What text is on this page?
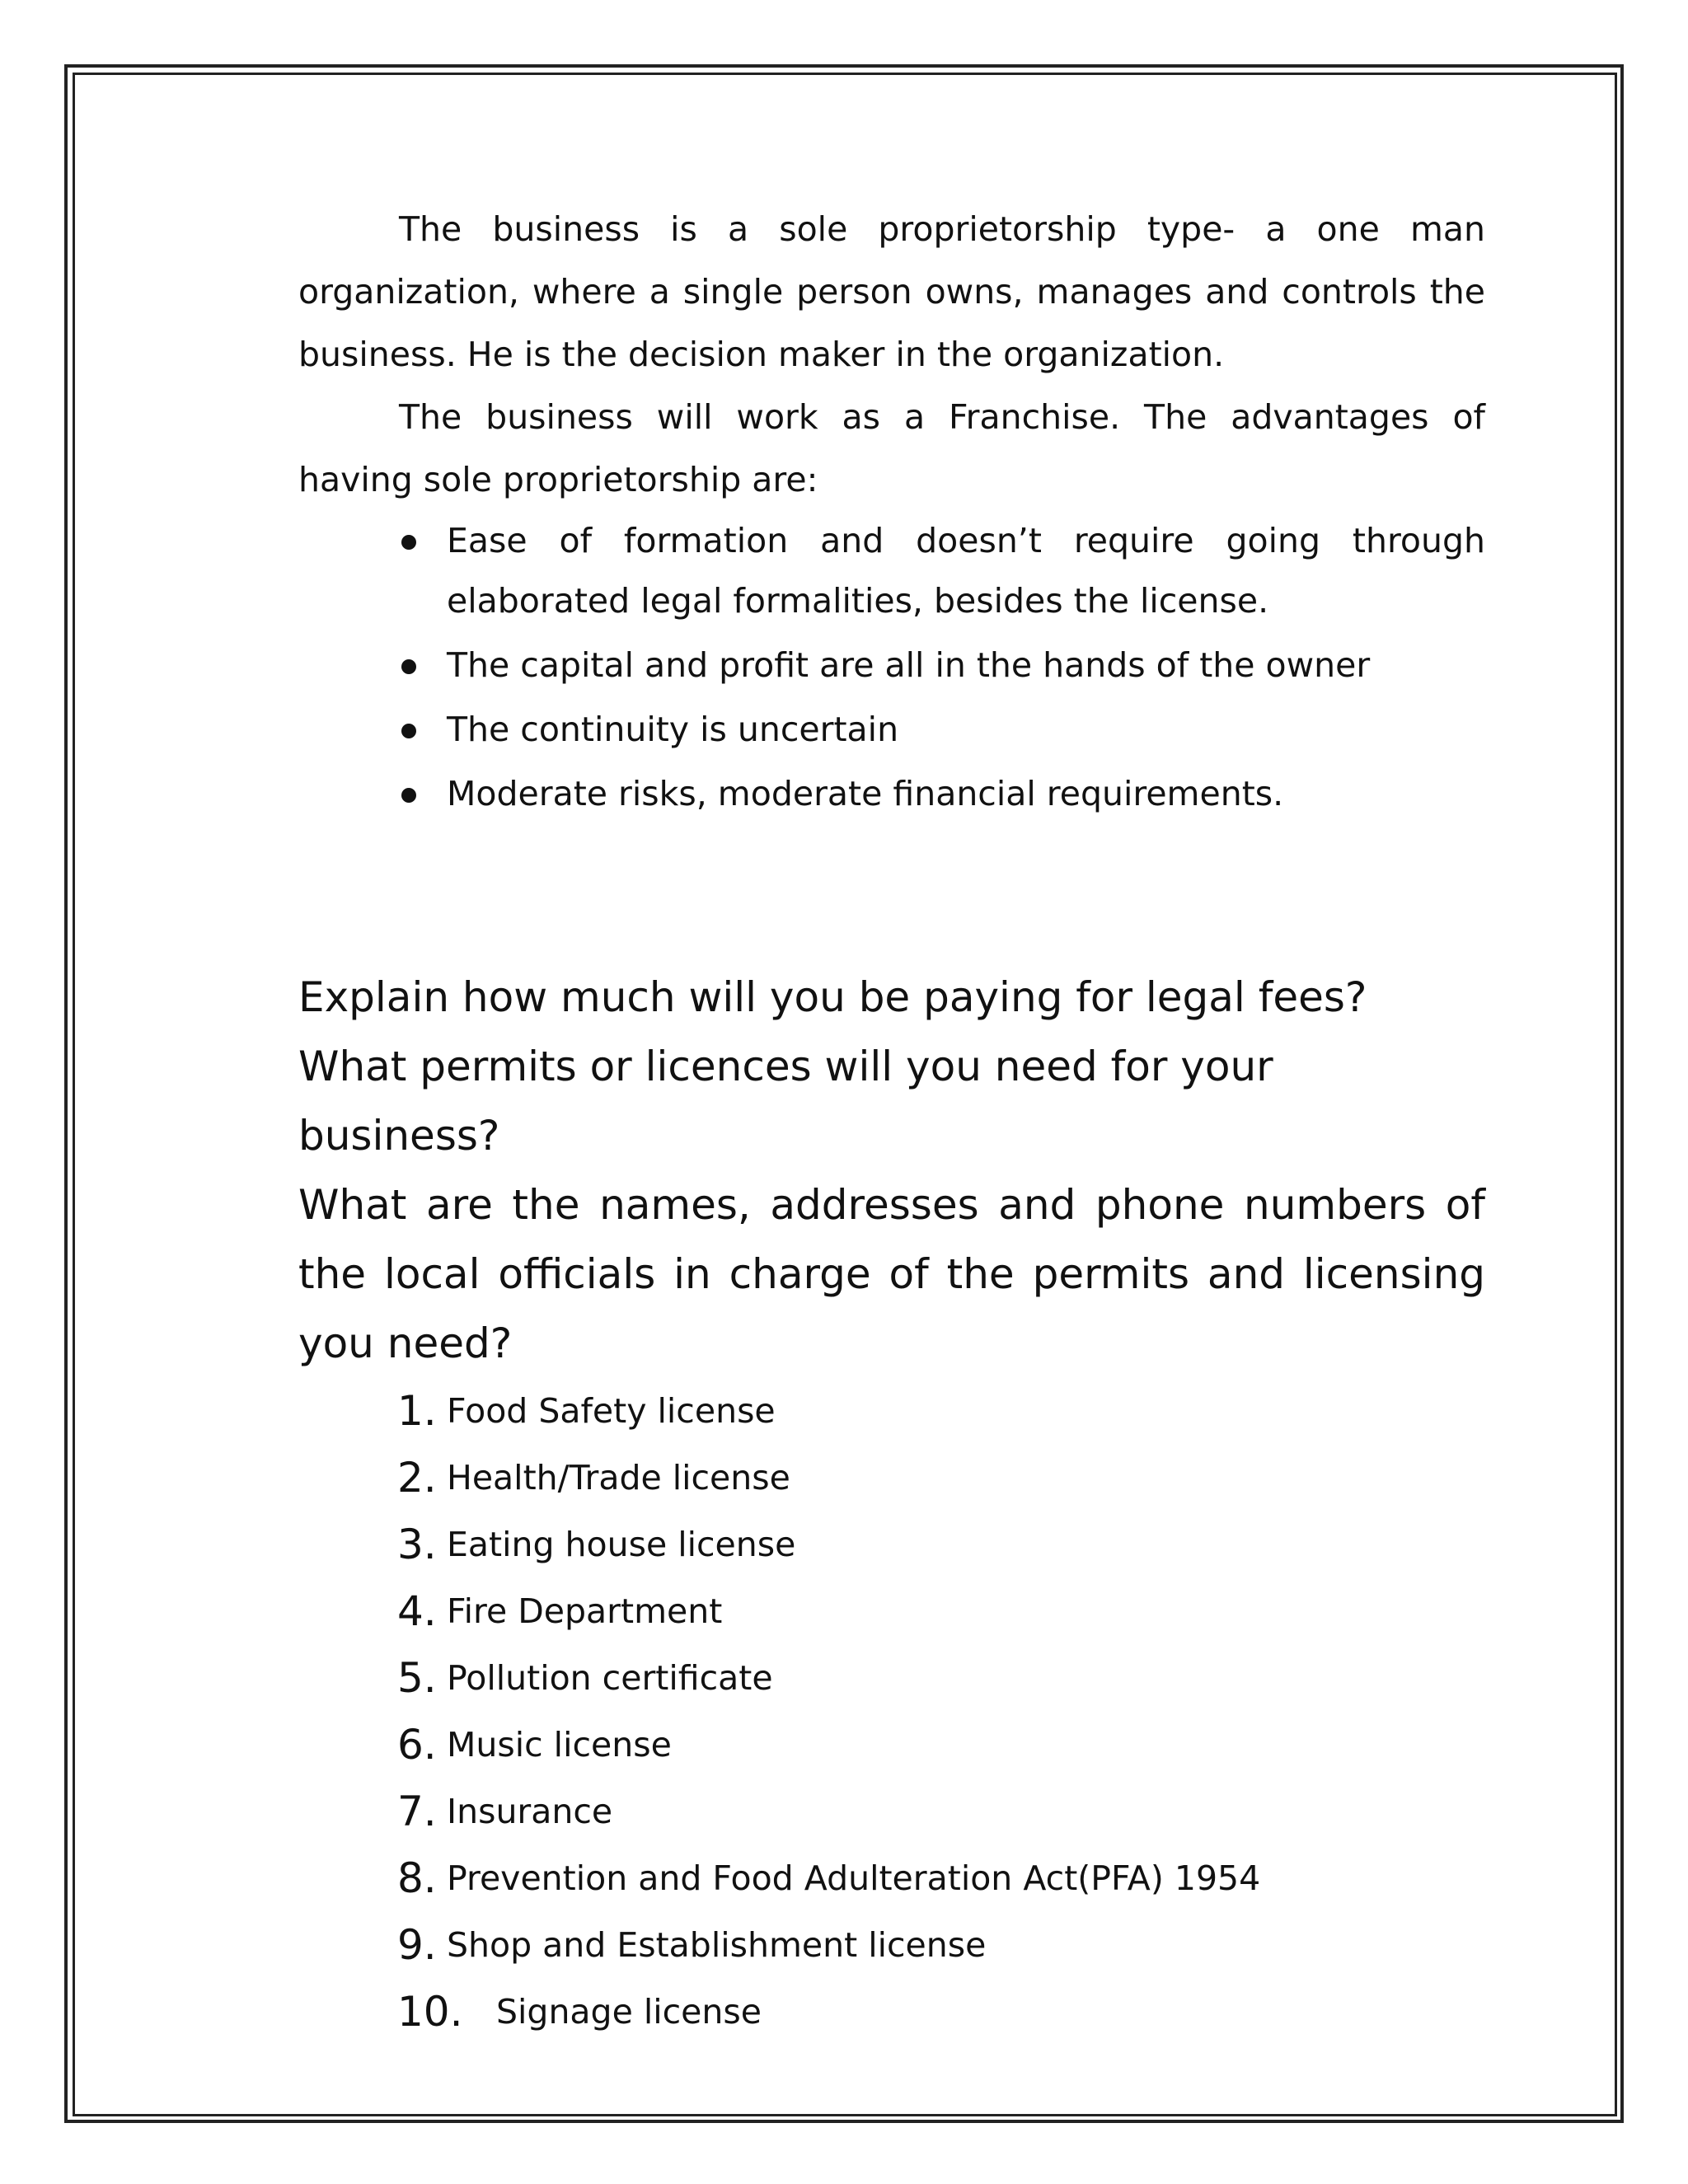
The business is a sole proprietorship type- a one man organization, where a single person owns, manages and controls the business. He is the decision maker in the organization.

The business will work as a Franchise. The advantages of having sole proprietorship are:

Ease of formation and doesn’t require going through elaborated legal formalities, besides the license.
The capital and profit are all in the hands of the owner
The continuity is uncertain
Moderate risks, moderate financial requirements.

Explain how much will you be paying for legal fees?

What permits or licences will you need for your business?

What are the names, addresses and phone numbers of the local officials in charge of the permits and licensing you need?

1. Food Safety license
2. Health/Trade license
3. Eating house license
4. Fire Department
5. Pollution certificate
6. Music license
7. Insurance
8. Prevention and Food Adulteration Act(PFA) 1954
9. Shop and Establishment license
10. Signage license
